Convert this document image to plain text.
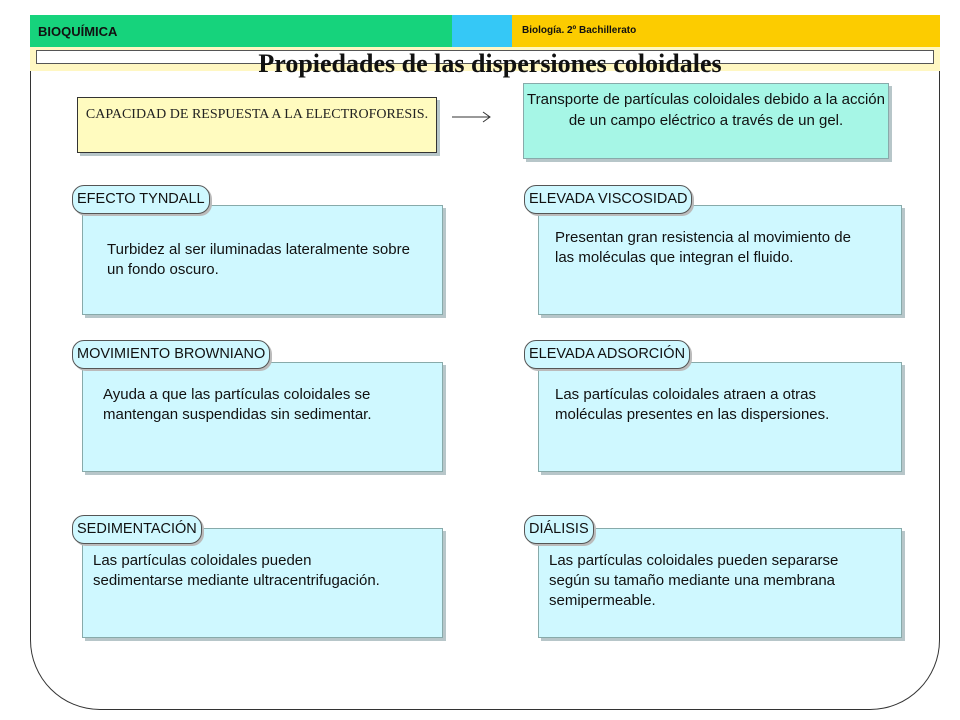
BIOQUÍMICA	Biología. 2º Bachillerato
Propiedades de las dispersiones coloidales
CAPACIDAD DE RESPUESTA A LA ELECTROFORESIS.
Transporte de partículas coloidales debido a la acción de un campo eléctrico a través de un gel.
Turbidez al ser iluminadas lateralmente sobre un fondo oscuro.
EFECTO TYNDALL
Presentan gran resistencia al movimiento de las moléculas que integran el fluido.
ELEVADA VISCOSIDAD
Ayuda a que las partículas coloidales se mantengan suspendidas sin sedimentar.
MOVIMIENTO BROWNIANO
Las partículas coloidales atraen a otras moléculas presentes en las dispersiones.
ELEVADA ADSORCIÓN
Las partículas coloidales pueden sedimentarse mediante ultracentrifugación.
SEDIMENTACIÓN
Las partículas coloidales pueden separarse según su tamaño mediante una membrana semipermeable.
DIÁLISIS
